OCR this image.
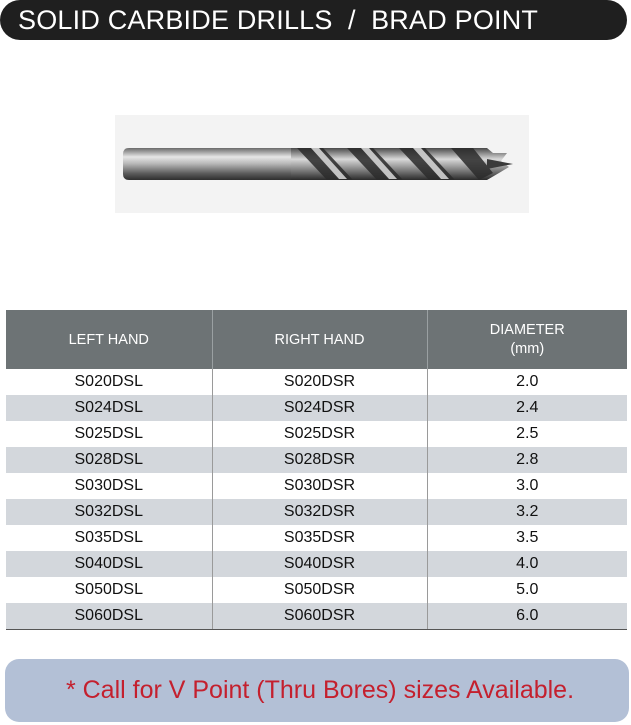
SOLID CARBIDE DRILLS  /  BRAD POINT
LEFT HAND	RIGHT HAND	DIAMETER
(mm)

S020DSL	S020DSR	2.0
S024DSL	S024DSR	2.4
S025DSL	S025DSR	2.5
S028DSL	S028DSR	2.8
S030DSL	S030DSR	3.0
S032DSL	S032DSR	3.2
S035DSL	S035DSR	3.5
S040DSL	S040DSR	4.0
S050DSL	S050DSR	5.0
S060DSL	S060DSR	6.0
* Call for V Point (Thru Bores) sizes Available.
